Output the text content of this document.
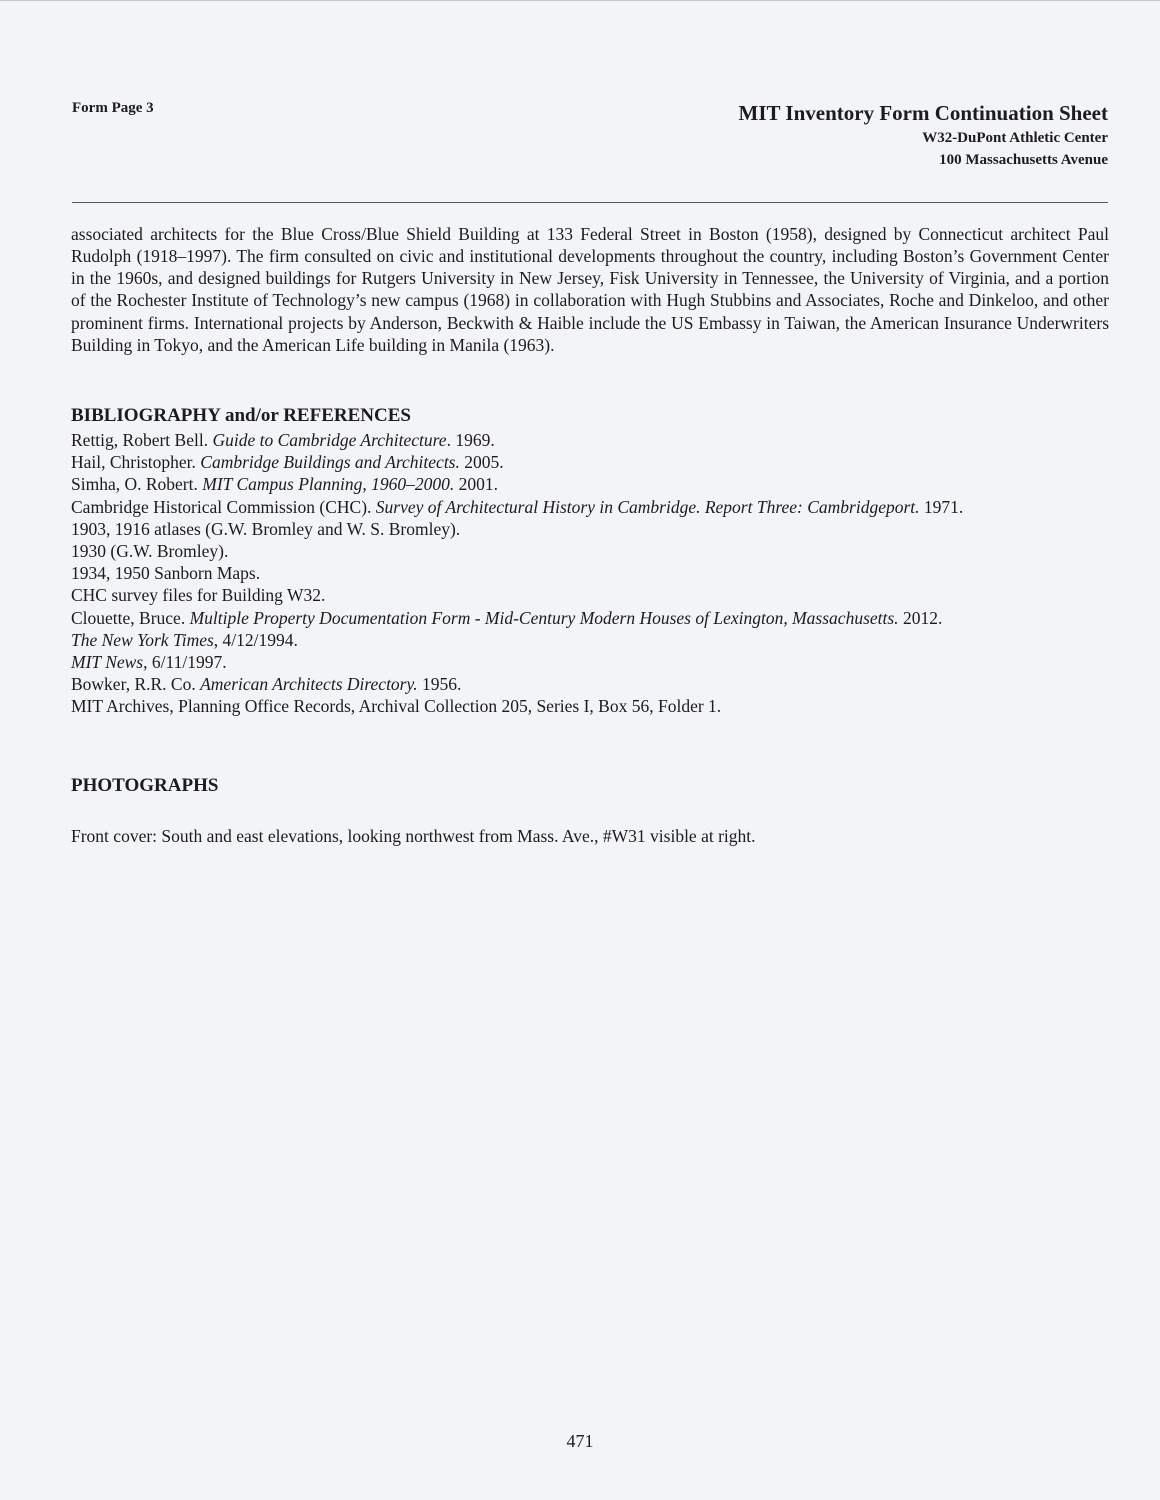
Form Page 3	MIT Inventory Form Continuation Sheet
W32-DuPont Athletic Center
100 Massachusetts Avenue

associated architects for the Blue Cross/Blue Shield Building at 133 Federal Street in Boston (1958), designed by Connecticut architect Paul Rudolph (1918–1997). The firm consulted on civic and institutional developments throughout the country, including Boston’s Government Center in the 1960s, and designed buildings for Rutgers University in New Jersey, Fisk University in Tennessee, the University of Virginia, and a portion of the Rochester Institute of Technology’s new campus (1968) in collaboration with Hugh Stubbins and Associates, Roche and Dinkeloo, and other prominent firms. International projects by Anderson, Beckwith & Haible include the US Embassy in Taiwan, the American Insurance Underwriters Building in Tokyo, and the American Life building in Manila (1963).

BIBLIOGRAPHY and/or REFERENCES
Rettig, Robert Bell. Guide to Cambridge Architecture. 1969.
Hail, Christopher. Cambridge Buildings and Architects. 2005.
Simha, O. Robert. MIT Campus Planning, 1960–2000. 2001.
Cambridge Historical Commission (CHC). Survey of Architectural History in Cambridge. Report Three: Cambridgeport. 1971.
1903, 1916 atlases (G.W. Bromley and W. S. Bromley).
1930 (G.W. Bromley).
1934, 1950 Sanborn Maps.
CHC survey files for Building W32.
Clouette, Bruce. Multiple Property Documentation Form - Mid-Century Modern Houses of Lexington, Massachusetts. 2012.
The New York Times, 4/12/1994.
MIT News, 6/11/1997.
Bowker, R.R. Co. American Architects Directory. 1956.
MIT Archives, Planning Office Records, Archival Collection 205, Series I, Box 56, Folder 1.
PHOTOGRAPHS
Front cover: South and east elevations, looking northwest from Mass. Ave., #W31 visible at right.
471
